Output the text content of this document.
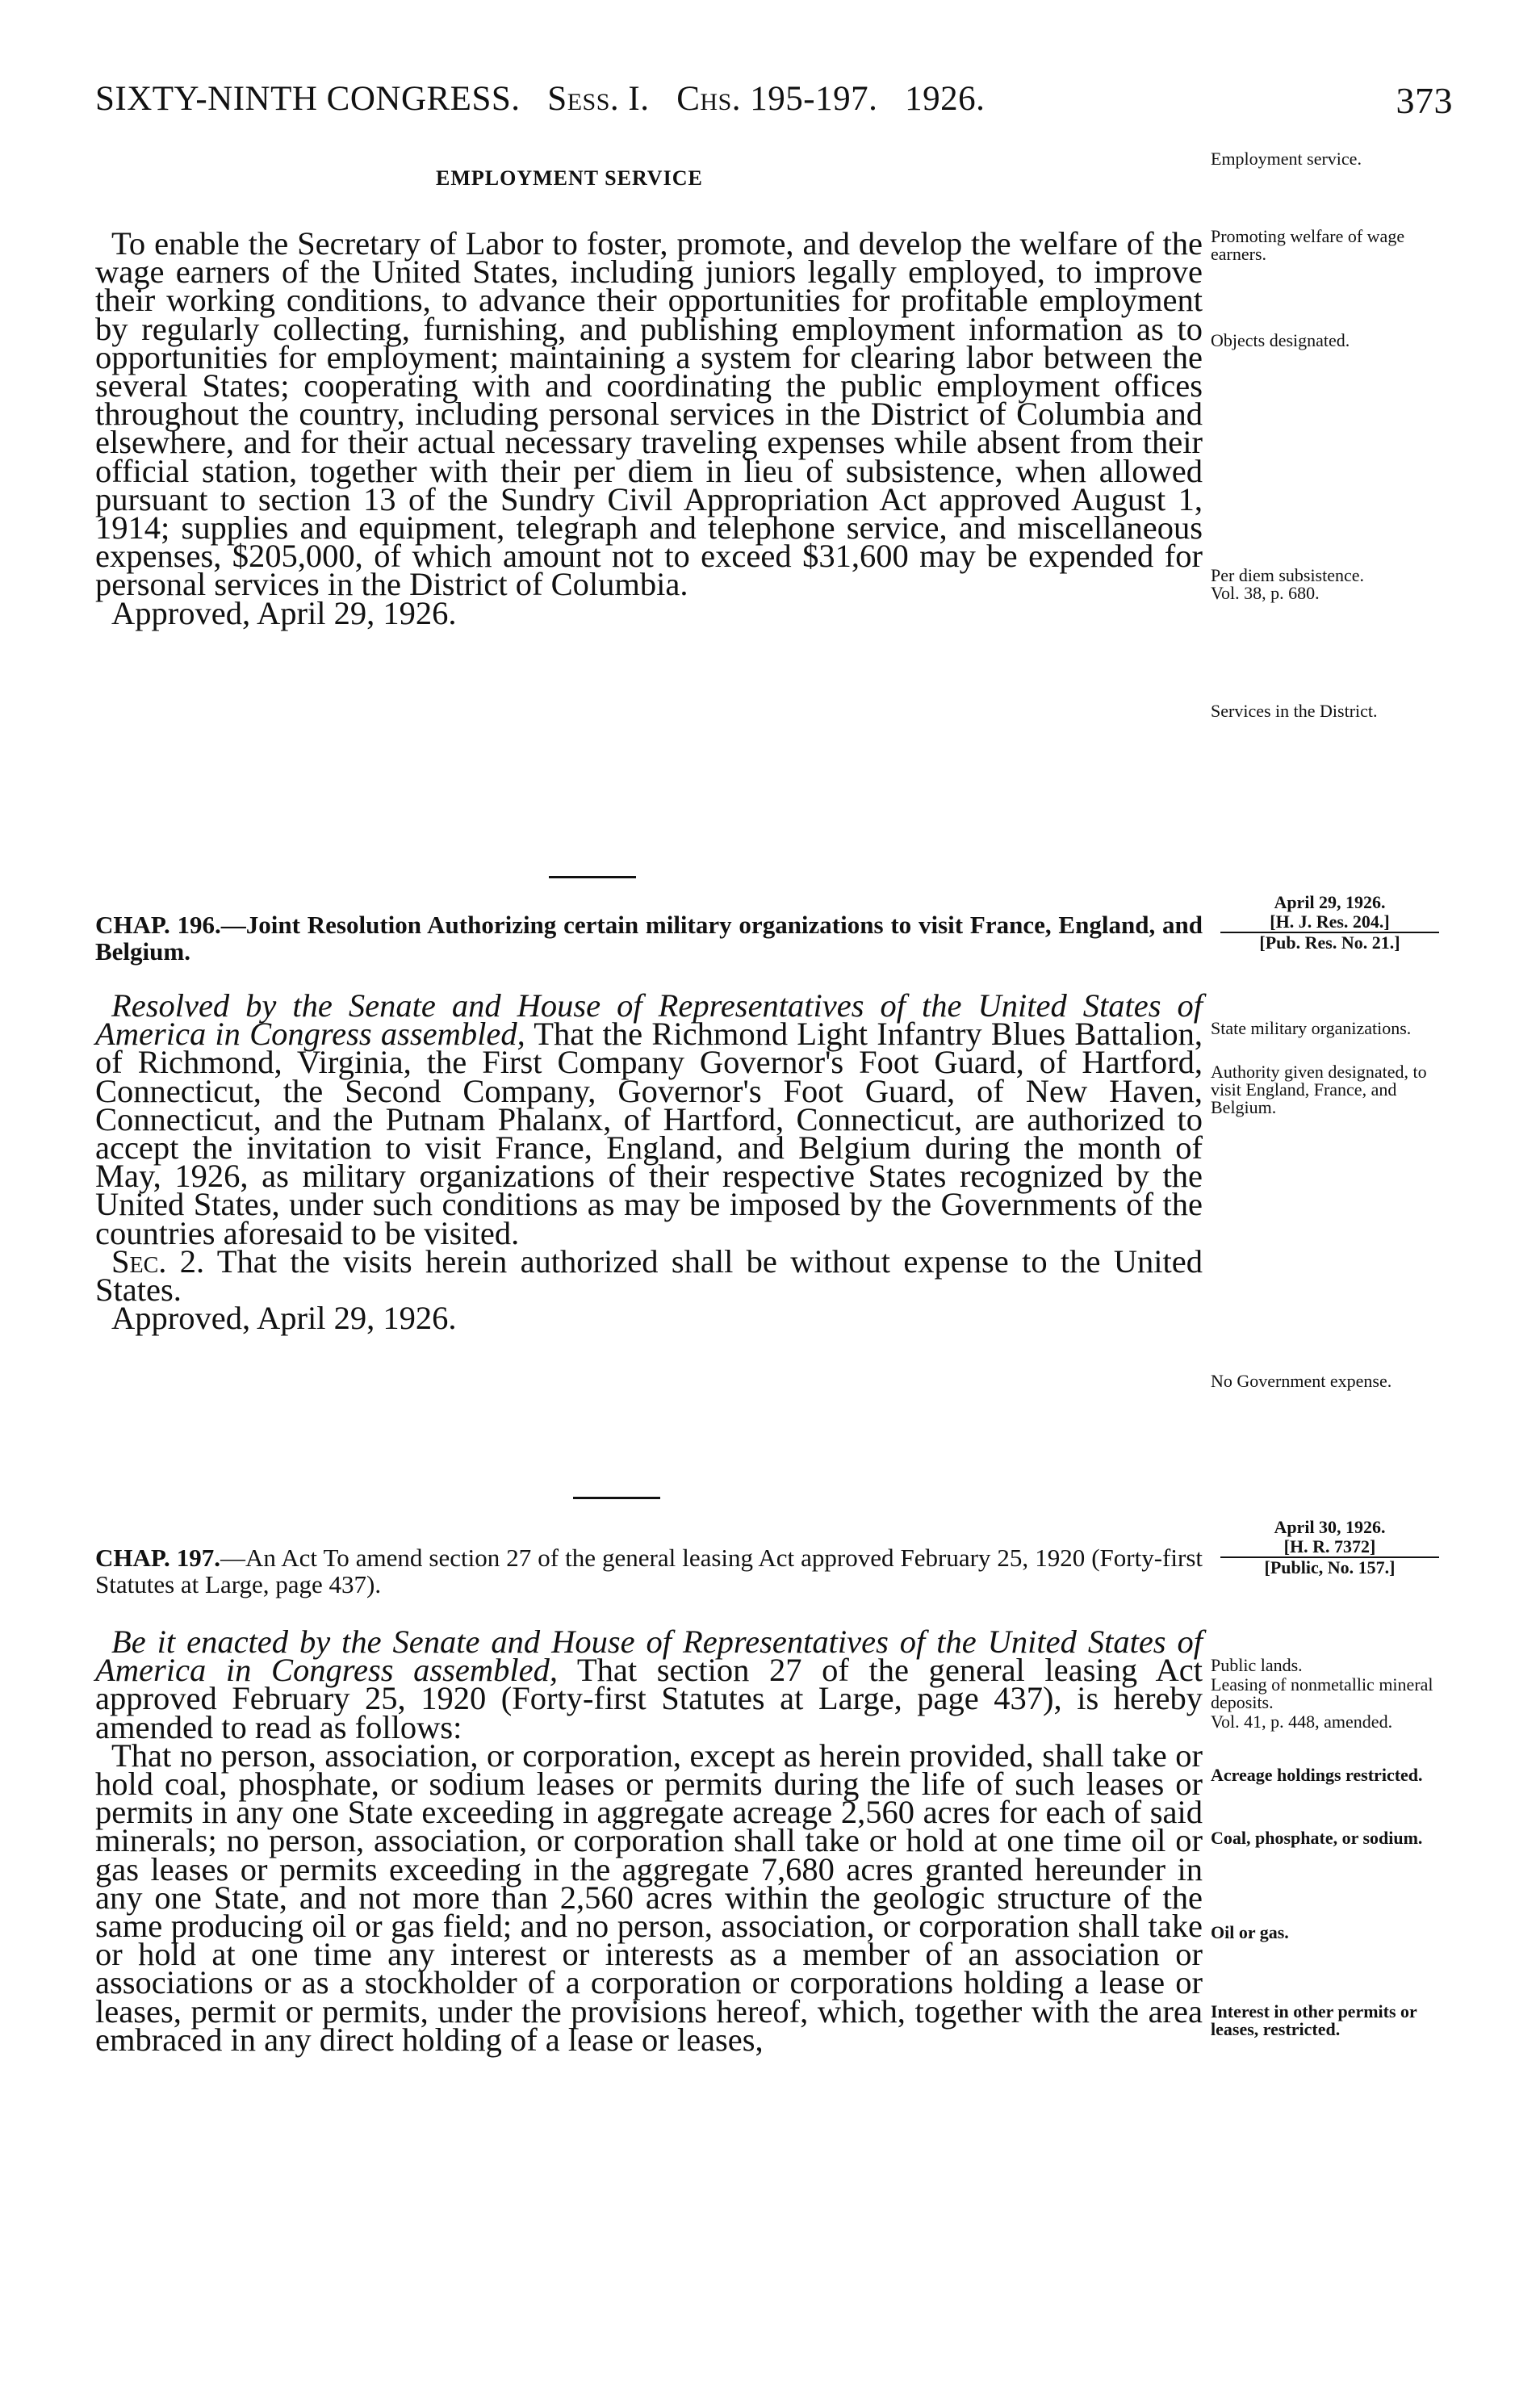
SIXTY-NINTH CONGRESS. Sess. I. Chs. 195-197. 1926.	373
EMPLOYMENT SERVICE
Employment service.

To enable the Secretary of Labor to foster, promote, and develop the welfare of the wage earners of the United States, including juniors legally employed, to improve their working conditions, to advance their opportunities for profitable employment by regularly collecting, furnishing, and publishing employment information as to opportunities for employment; maintaining a system for clearing labor between the several States; cooperating with and coordinating the public employment offices throughout the country, including personal services in the District of Columbia and elsewhere, and for their actual necessary traveling expenses while absent from their official station, together with their per diem in lieu of subsistence, when allowed pursuant to section 13 of the Sundry Civil Appropriation Act approved August 1, 1914; supplies and equipment, telegraph and telephone service, and miscellaneous expenses, $205,000, of which amount not to exceed $31,600 may be expended for personal services in the District of Columbia.

Approved, April 29, 1926.

Promoting welfare of wage earners.
Objects designated.
Per diem subsistence.
Vol. 38, p. 680.
Services in the District.
April 29, 1926.
[H. J. Res. 204.]
[Pub. Res. No. 21.]
CHAP. 196.—Joint Resolution Authorizing certain military organizations to visit France, England, and Belgium.

Resolved by the Senate and House of Representatives of the United States of America in Congress assembled, That the Richmond Light Infantry Blues Battalion, of Richmond, Virginia, the First Company Governor's Foot Guard, of Hartford, Connecticut, the Second Company, Governor's Foot Guard, of New Haven, Connecticut, and the Putnam Phalanx, of Hartford, Connecticut, are authorized to accept the invitation to visit France, England, and Belgium during the month of May, 1926, as military organizations of their respective States recognized by the United States, under such conditions as may be imposed by the Governments of the countries aforesaid to be visited.

Sec. 2. That the visits herein authorized shall be without expense to the United States.

Approved, April 29, 1926.

State military organizations.
Authority given designated, to visit England, France, and Belgium.
No Government expense.
April 30, 1926.
[H. R. 7372]
[Public, No. 157.]
CHAP. 197.—An Act To amend section 27 of the general leasing Act approved February 25, 1920 (Forty-first Statutes at Large, page 437).

Be it enacted by the Senate and House of Representatives of the United States of America in Congress assembled, That section 27 of the general leasing Act approved February 25, 1920 (Forty-first Statutes at Large, page 437), is hereby amended to read as follows:

That no person, association, or corporation, except as herein provided, shall take or hold coal, phosphate, or sodium leases or permits during the life of such leases or permits in any one State exceeding in aggregate acreage 2,560 acres for each of said minerals; no person, association, or corporation shall take or hold at one time oil or gas leases or permits exceeding in the aggregate 7,680 acres granted hereunder in any one State, and not more than 2,560 acres within the geologic structure of the same producing oil or gas field; and no person, association, or corporation shall take or hold at one time any interest or interests as a member of an association or associations or as a stockholder of a corporation or corporations holding a lease or leases, permit or permits, under the provisions hereof, which, together with the area embraced in any direct holding of a lease or leases,

Public lands.
Leasing of nonmetallic mineral deposits.
Vol. 41, p. 448, amended.
Acreage holdings restricted.
Coal, phosphate, or sodium.
Oil or gas.
Interest in other permits or leases, restricted.
